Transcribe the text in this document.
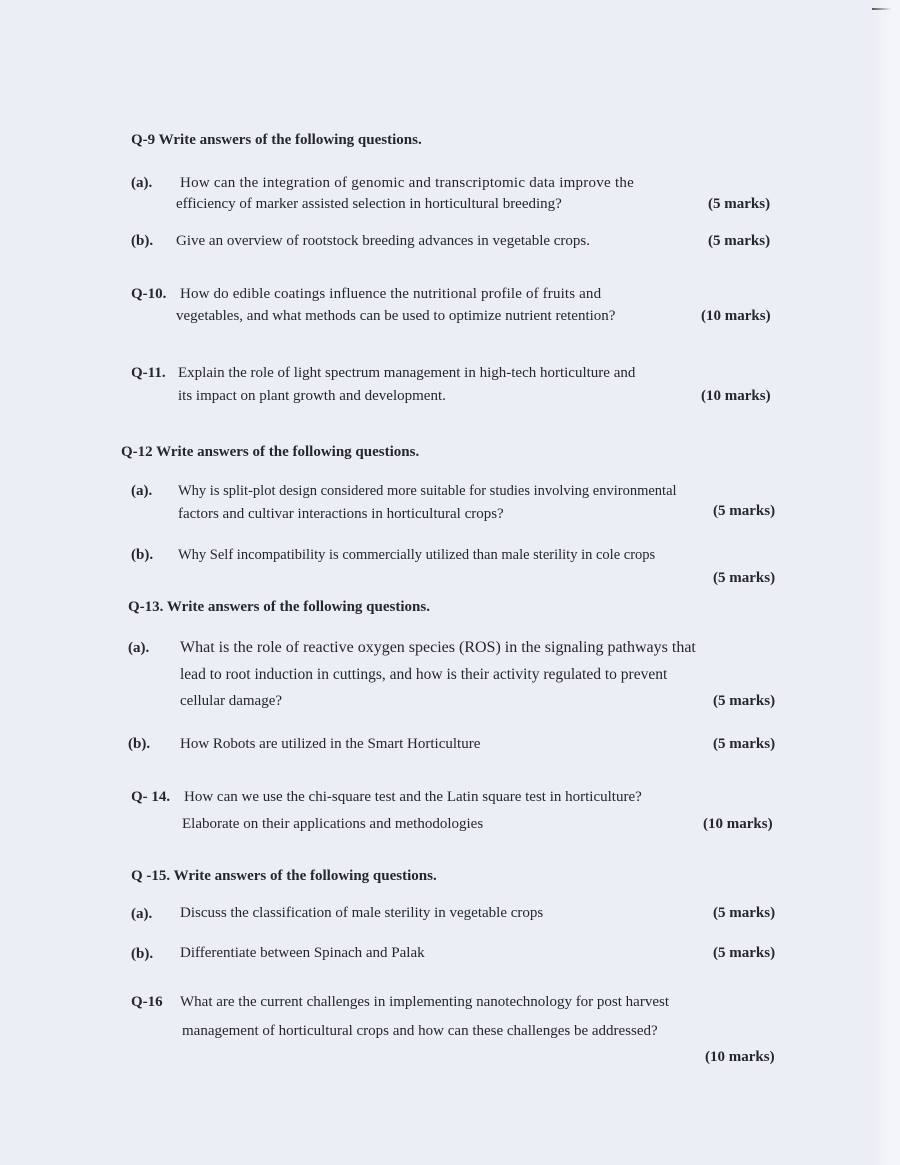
Q-9 Write answers of the following questions.
(a). How can the integration of genomic and transcriptomic data improve the
efficiency of marker assisted selection in horticultural breeding?	(5 marks)
(b). Give an overview of rootstock breeding advances in vegetable crops.	(5 marks)
Q-10. How do edible coatings influence the nutritional profile of fruits and
vegetables, and what methods can be used to optimize nutrient retention?	(10 marks)
Q-11. Explain the role of light spectrum management in high-tech horticulture and
its impact on plant growth and development.	(10 marks)
Q-12 Write answers of the following questions.
(a). Why is split-plot design considered more suitable for studies involving environmental
factors and cultivar interactions in horticultural crops?	(5 marks)
(b). Why Self incompatibility is commercially utilized than male sterility in cole crops
(5 marks)
Q-13. Write answers of the following questions.
(a). What is the role of reactive oxygen species (ROS) in the signaling pathways that
lead to root induction in cuttings, and how is their activity regulated to prevent
cellular damage?	(5 marks)
(b). How Robots are utilized in the Smart Horticulture	(5 marks)
Q- 14. How can we use the chi-square test and the Latin square test in horticulture?
Elaborate on their applications and methodologies	(10 marks)
Q -15. Write answers of the following questions.
(a). Discuss the classification of male sterility in vegetable crops	(5 marks)
(b). Differentiate between Spinach and Palak	(5 marks)
Q-16 What are the current challenges in implementing nanotechnology for post harvest
management of horticultural crops and how can these challenges be addressed?
(10 marks)
